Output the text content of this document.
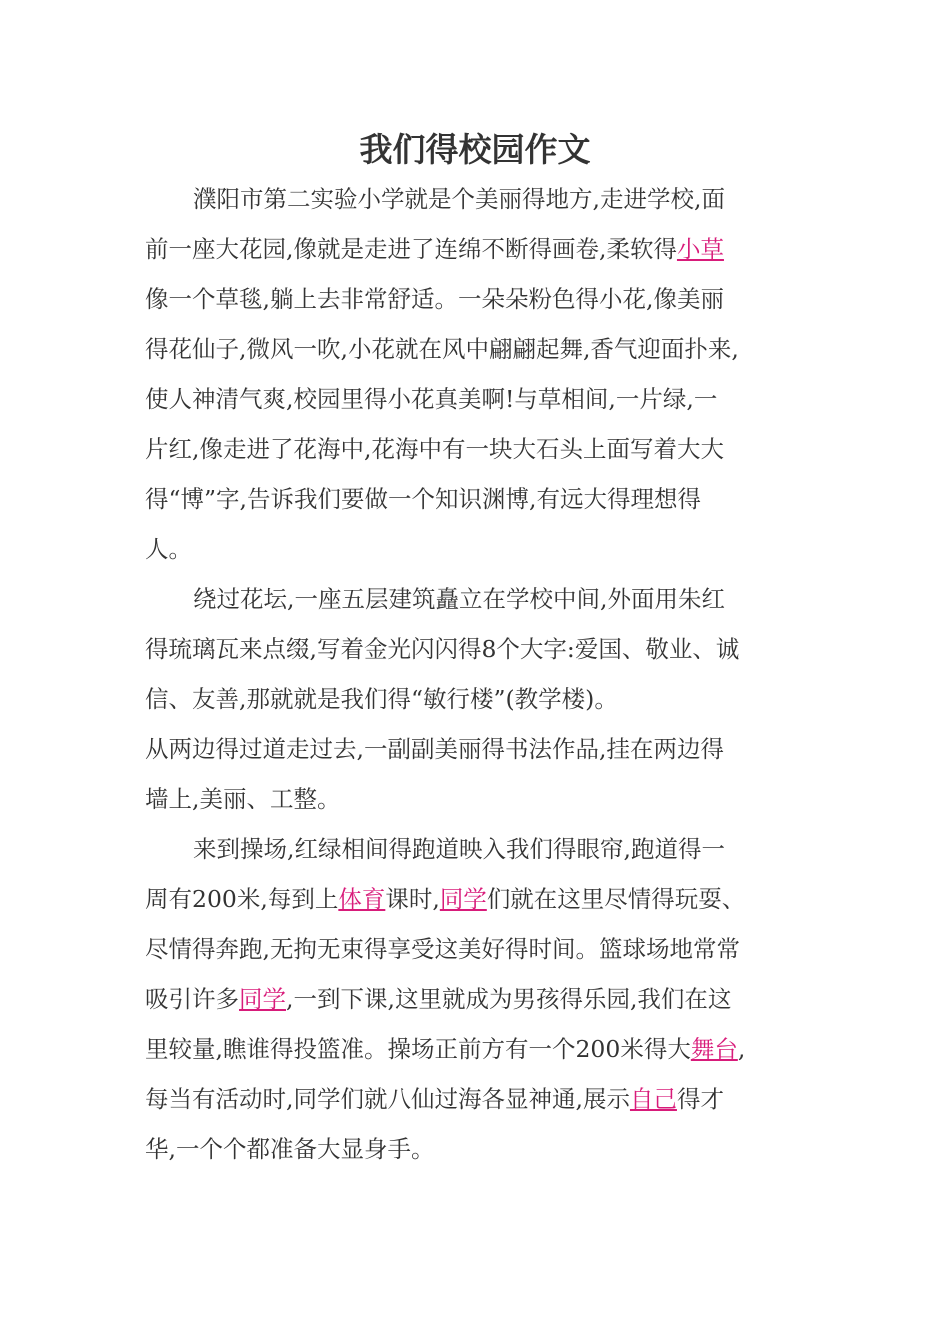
我们得校园作文
濮阳市第二实验小学就是个美丽得地方,走进学校,面
前一座大花园,像就是走进了连绵不断得画卷,柔软得小草
像一个草毯,躺上去非常舒适。一朵朵粉色得小花,像美丽
得花仙子,微风一吹,小花就在风中翩翩起舞,香气迎面扑来,
使人神清气爽,校园里得小花真美啊!与草相间,一片绿,一
片红,像走进了花海中,花海中有一块大石头上面写着大大
得“博”字,告诉我们要做一个知识渊博,有远大得理想得
人。
绕过花坛,一座五层建筑矗立在学校中间,外面用朱红
得琉璃瓦来点缀,写着金光闪闪得8个大字:爱国、敬业、诚
信、友善,那就就是我们得“敏行楼”(教学楼)。
从两边得过道走过去,一副副美丽得书法作品,挂在两边得
墙上,美丽、工整。
来到操场,红绿相间得跑道映入我们得眼帘,跑道得一
周有200米,每到上体育课时,同学们就在这里尽情得玩耍、
尽情得奔跑,无拘无束得享受这美好得时间。篮球场地常常
吸引许多同学,一到下课,这里就成为男孩得乐园,我们在这
里较量,瞧谁得投篮准。操场正前方有一个200米得大舞台,
每当有活动时,同学们就八仙过海各显神通,展示自己得才
华,一个个都准备大显身手。
